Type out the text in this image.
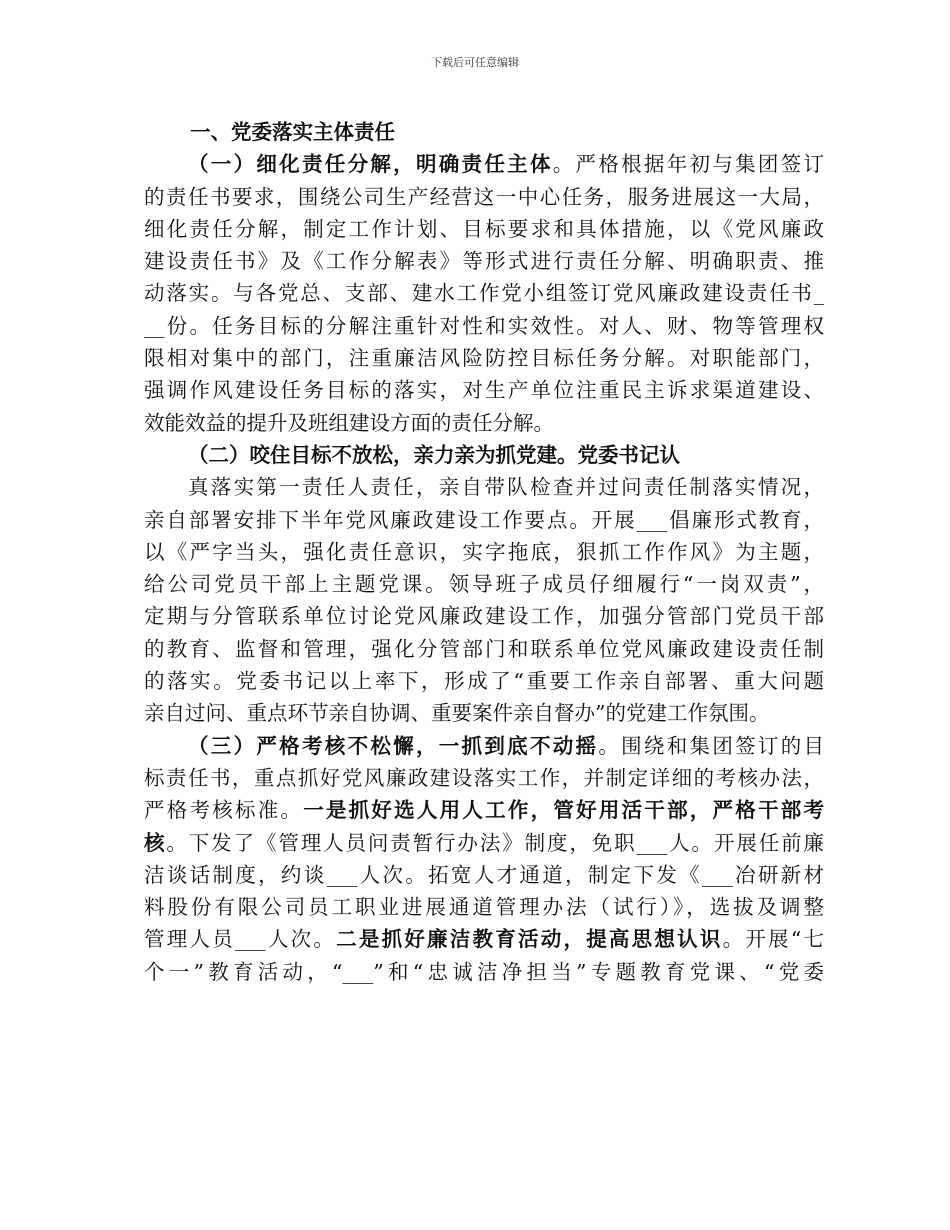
下载后可任意编辑
一、党委落实主体责任
（一）细化责任分解，明确责任主体。严格根据年初与集团签订
的责任书要求，围绕公司生产经营这一中心任务，服务进展这一大局，
细化责任分解，制定工作计划、目标要求和具体措施，以《党风廉政
建设责任书》及《工作分解表》等形式进行责任分解、明确职责、推
动落实。与各党总、支部、建水工作党小组签订党风廉政建设责任书_
__份。任务目标的分解注重针对性和实效性。对人、财、物等管理权
限相对集中的部门，注重廉洁风险防控目标任务分解。对职能部门，
强调作风建设任务目标的落实，对生产单位注重民主诉求渠道建设、
效能效益的提升及班组建设方面的责任分解。
（二）咬住目标不放松，亲力亲为抓党建。党委书记认
真落实第一责任人责任，亲自带队检查并过问责任制落实情况，
亲自部署安排下半年党风廉政建设工作要点。开展___倡廉形式教育，
以《严字当头，强化责任意识，实字拖底，狠抓工作作风》为主题，
给公司党员干部上主题党课。领导班子成员仔细履行“一岗双责”，
定期与分管联系单位讨论党风廉政建设工作，加强分管部门党员干部
的教育、监督和管理，强化分管部门和联系单位党风廉政建设责任制
的落实。党委书记以上率下，形成了“重要工作亲自部署、重大问题
亲自过问、重点环节亲自协调、重要案件亲自督办”的党建工作氛围。
（三）严格考核不松懈，一抓到底不动摇。围绕和集团签订的目
标责任书，重点抓好党风廉政建设落实工作，并制定详细的考核办法，
严格考核标准。一是抓好选人用人工作，管好用活干部，严格干部考
核。下发了《管理人员问责暂行办法》制度，免职___人。开展任前廉
洁谈话制度，约谈___人次。拓宽人才通道，制定下发《___冶研新材
料股份有限公司员工职业进展通道管理办法（试行）》，选拔及调整
管理人员___人次。二是抓好廉洁教育活动，提高思想认识。开展“七
个一”教育活动，“___”和“忠诚洁净担当”专题教育党课、“党委
